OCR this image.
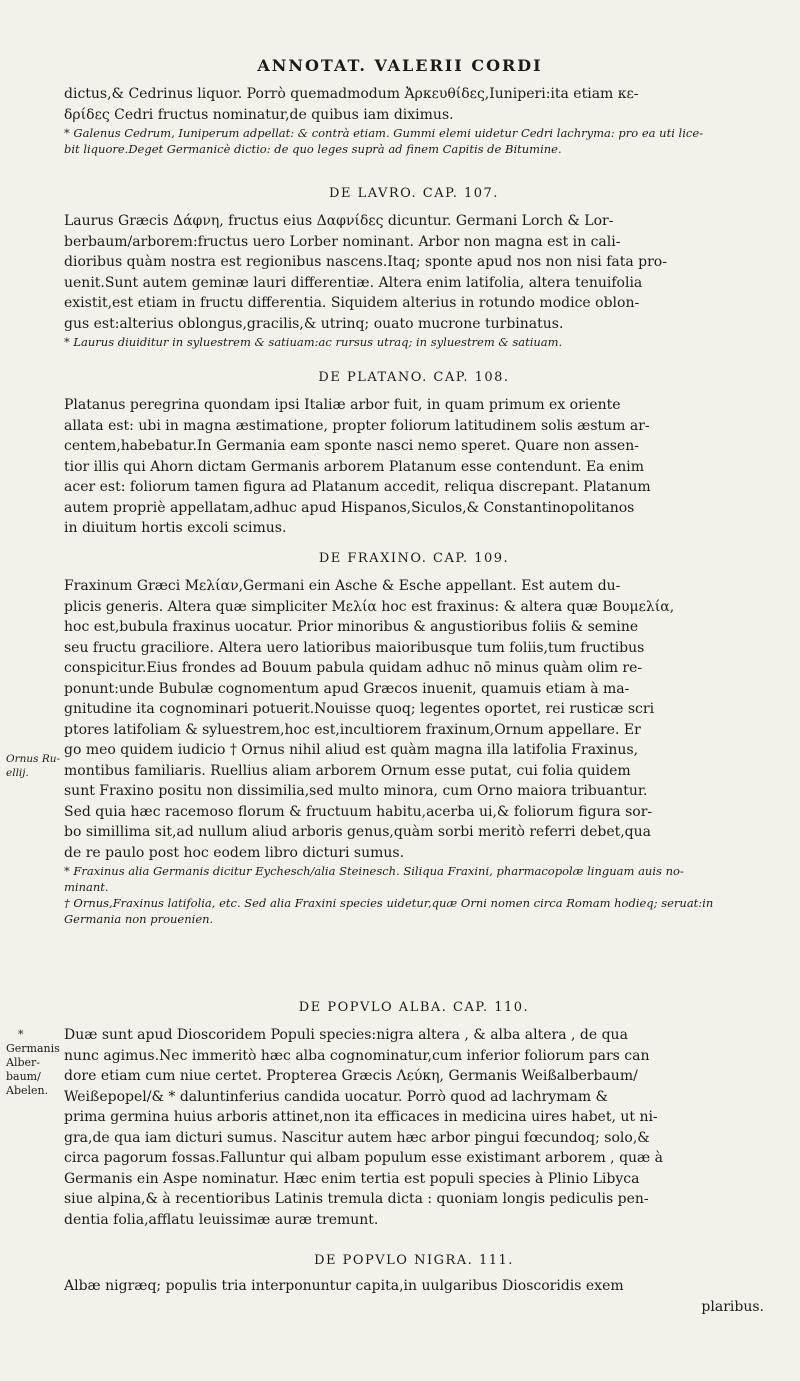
ANNOTAT. VALERII CORDI

dictus,& Cedrinus liquor. Porrò quemadmodum Ἀρκευθίδες,Iuniperi:ita etiam κε-

δρίδες Cedri fructus nominatur,de quibus iam diximus.

* Galenus Cedrum, Iuniperum adpellat: & contrà etiam. Gummi elemi uidetur Cedri lachryma: pro ea uti lice-

bit liquore.Deget Germanicè dictio: de quo leges suprà ad finem Capitis de Bitumine.

DE LAVRO. CAP. 107.

Laurus Græcis Δάφνη, fructus eius Δαφνίδες dicuntur. Germani Lorch & Lor-

berbaum/arborem:fructus uero Lorber nominant. Arbor non magna est in cali-

dioribus quàm nostra est regionibus nascens.Itaq; sponte apud nos non nisi fata pro-

uenit.Sunt autem geminæ lauri differentiæ. Altera enim latifolia, altera tenuifolia

existit,est etiam in fructu differentia. Siquidem alterius in rotundo modice oblon-

gus est:alterius oblongus,gracilis,& utrinq; ouato mucrone turbinatus.

* Laurus diuiditur in syluestrem & satiuam:ac rursus utraq; in syluestrem & satiuam.

DE PLATANO. CAP. 108.

Platanus peregrina quondam ipsi Italiæ arbor fuit, in quam primum ex oriente

allata est: ubi in magna æstimatione, propter foliorum latitudinem solis æstum ar-

centem,habebatur.In Germania eam sponte nasci nemo speret. Quare non assen-

tior illis qui Ahorn dictam Germanis arborem Platanum esse contendunt. Ea enim

acer est: foliorum tamen figura ad Platanum accedit, reliqua discrepant. Platanum

autem propriè appellatam,adhuc apud Hispanos,Siculos,& Constantinopolitanos

in diuitum hortis excoli scimus.

DE FRAXINO. CAP. 109.

Fraxinum Græci Μελίαν,Germani ein Asche & Esche appellant. Est autem du-

plicis generis. Altera quæ simpliciter Μελία hoc est fraxinus: & altera quæ Βουμελία,

hoc est,bubula fraxinus uocatur. Prior minoribus & angustioribus foliis & semine

seu fructu graciliore. Altera uero latioribus maioribusque tum foliis,tum fructibus

conspicitur.Eius frondes ad Bouum pabula quidam adhuc nō minus quàm olim re-

ponunt:unde Bubulæ cognomentum apud Græcos inuenit, quamuis etiam à ma-

gnitudine ita cognominari potuerit.Nouisse quoq; legentes oportet, rei rusticæ scri

ptores latifoliam & syluestrem,hoc est,incultiorem fraxinum,Ornum appellare. Er

go meo quidem iudicio † Ornus nihil aliud est quàm magna illa latifolia Fraxinus,

montibus familiaris. Ruellius aliam arborem Ornum esse putat, cui folia quidem

sunt Fraxino positu non dissimilia,sed multo minora, cum Orno maiora tribuantur.

Sed quia hæc racemoso florum & fructuum habitu,acerba ui,& foliorum figura sor-

bo simillima sit,ad nullum aliud arboris genus,quàm sorbi meritò referri debet,qua

de re paulo post hoc eodem libro dicturi sumus.

* Fraxinus alia Germanis dicitur Eychesch/alia Steinesch. Siliqua Fraxini, pharmacopolæ linguam auis no-

minant.

† Ornus,Fraxinus latifolia, etc. Sed alia Fraxini species uidetur,quæ Orni nomen circa Romam hodieq; seruat:in

Germania non prouenien.

Ornus Ru-
ellij.

DE POPVLO ALBA. CAP. 110.

Duæ sunt apud Dioscoridem Populi species:nigra altera , & alba altera , de qua

nunc agimus.Nec immeritò hæc alba cognominatur,cum inferior foliorum pars can

dore etiam cum niue certet. Propterea Græcis Λεύκη, Germanis Weißalberbaum/

Weißepopel/& * daluntinferius candida uocatur. Porrò quod ad lachrymam &

prima germina huius arboris attinet,non ita efficaces in medicina uires habet, ut ni-

gra,de qua iam dicturi sumus. Nascitur autem hæc arbor pingui fœcundoq; solo,&

circa pagorum fossas.Falluntur qui albam populum esse existimant arborem , quæ à

Germanis ein Aspe nominatur. Hæc enim tertia est populi species à Plinio Libyca

siue alpina,& à recentioribus Latinis tremula dicta : quoniam longis pediculis pen-

dentia folia,afflatu leuissimæ auræ tremunt.

*
Germanis
Alber-
baum/
Abelen.

DE POPVLO NIGRA. 111.

Albæ nigræq; populis tria interponuntur capita,in uulgaribus Dioscoridis exem

plaribus.
